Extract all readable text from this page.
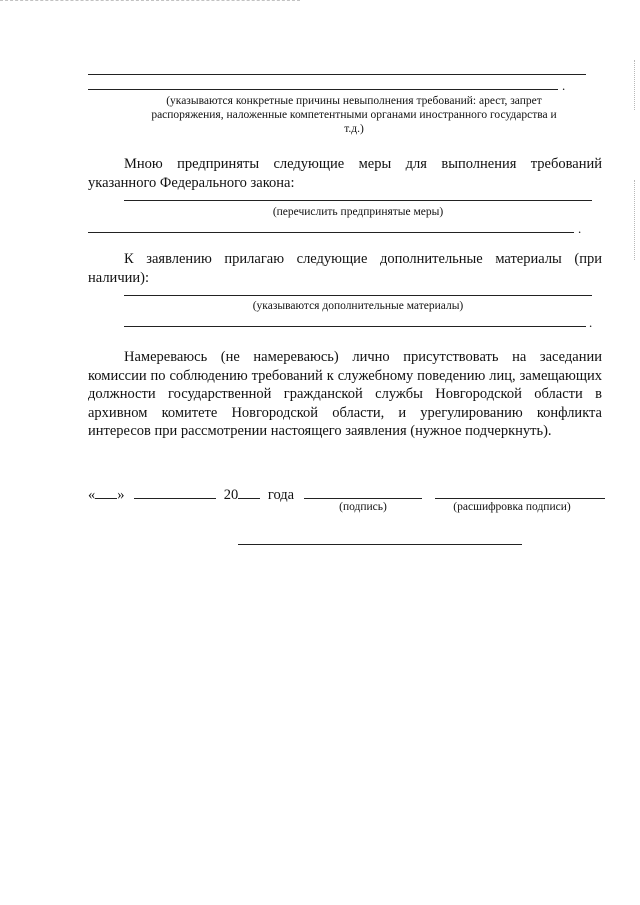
.
(указываются конкретные причины невыполнения требований: арест, запрет распоряжения, наложенные компетентными органами иностранного государства и т.д.)
Мною предприняты следующие меры для выполнения требований указанного Федерального закона:
(перечислить предпринятые меры)
.
К заявлению прилагаю следующие дополнительные материалы (при наличии):
(указываются дополнительные материалы)
.
Намереваюсь (не намереваюсь) лично присутствовать на заседании комиссии по соблюдению требований к служебному поведению лиц, замещающих должности государственной гражданской службы Новгородской области в архивном комитете Новгородской области, и урегулированию конфликта интересов при рассмотрении настоящего заявления (нужное подчеркнуть).
« »	20 года
(подпись)	(расшифровка подписи)
